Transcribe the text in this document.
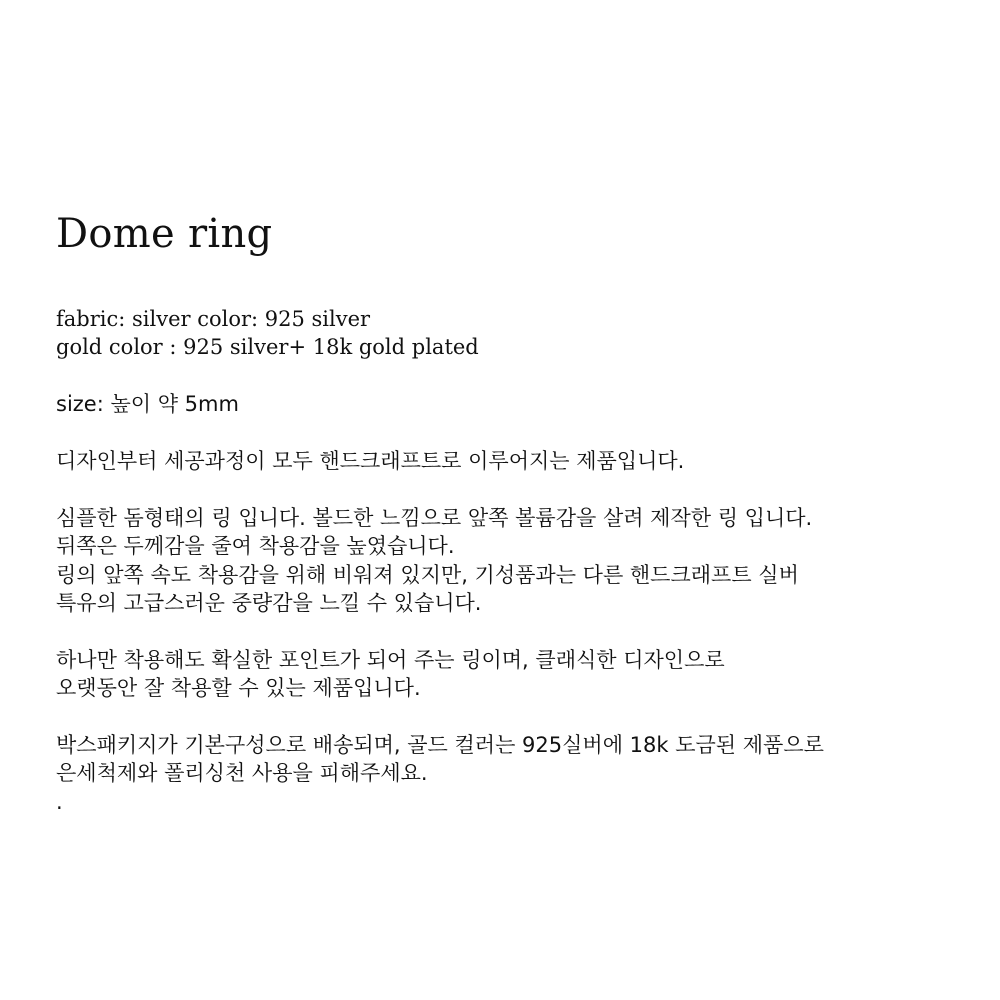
Dome ring

fabric: silver color: 925 silver
gold color : 925 silver+ 18k gold plated

size: 높이 약 5mm

디자인부터 세공과정이 모두 핸드크래프트로 이루어지는 제품입니다.

심플한 돔형태의 링 입니다. 볼드한 느낌으로 앞쪽 볼륨감을 살려 제작한 링 입니다.
뒤쪽은 두께감을 줄여 착용감을 높였습니다.
링의 앞쪽 속도 착용감을 위해 비워져 있지만, 기성품과는 다른 핸드크래프트 실버
특유의 고급스러운 중량감을 느낄 수 있습니다.

하나만 착용해도 확실한 포인트가 되어 주는 링이며, 클래식한 디자인으로
오랫동안 잘 착용할 수 있는 제품입니다.

박스패키지가 기본구성으로 배송되며, 골드 컬러는 925실버에 18k 도금된 제품으로
은세척제와 폴리싱천 사용을 피해주세요.
.
